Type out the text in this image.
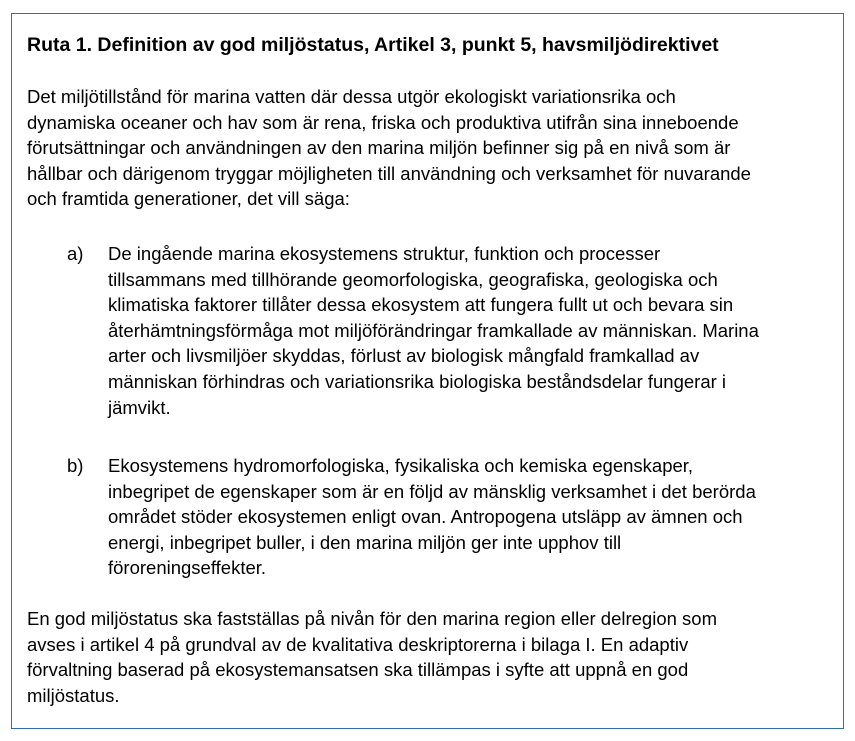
Ruta 1. Definition av god miljöstatus, Artikel 3, punkt 5, havsmiljödirektivet
Det miljötillstånd för marina vatten där dessa utgör ekologiskt variationsrika och
dynamiska oceaner och hav som är rena, friska och produktiva utifrån sina inneboende
förutsättningar och användningen av den marina miljön befinner sig på en nivå som är
hållbar och därigenom tryggar möjligheten till användning och verksamhet för nuvarande
och framtida generationer, det vill säga:
a)	De ingående marina ekosystemens struktur, funktion och processer
tillsammans med tillhörande geomorfologiska, geografiska, geologiska och
klimatiska faktorer tillåter dessa ekosystem att fungera fullt ut och bevara sin
återhämtningsförmåga mot miljöförändringar framkallade av människan. Marina
arter och livsmiljöer skyddas, förlust av biologisk mångfald framkallad av
människan förhindras och variationsrika biologiska beståndsdelar fungerar i
jämvikt.
b)	Ekosystemens hydromorfologiska, fysikaliska och kemiska egenskaper,
inbegripet de egenskaper som är en följd av mänsklig verksamhet i det berörda
området stöder ekosystemen enligt ovan. Antropogena utsläpp av ämnen och
energi, inbegripet buller, i den marina miljön ger inte upphov till
föroreningseffekter.
En god miljöstatus ska fastställas på nivån för den marina region eller delregion som
avses i artikel 4 på grundval av de kvalitativa deskriptorerna i bilaga I. En adaptiv
förvaltning baserad på ekosystemansatsen ska tillämpas i syfte att uppnå en god
miljöstatus.
